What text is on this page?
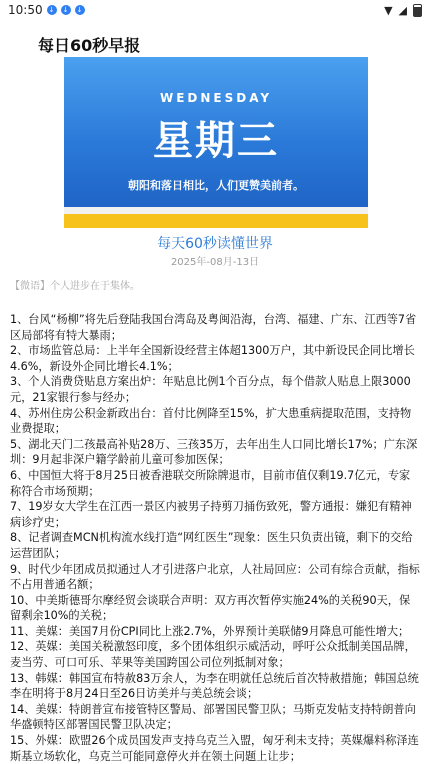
10:50 ↓ ↓ ↓	▼ ◢
每日60秒早报
WEDNESDAY
星期三
朝阳和落日相比，人们更赞美前者。
每天60秒读懂世界
2025年-08月-13日
【微语】个人进步在于集体。

1、台风“杨柳”将先后登陆我国台湾岛及粤闽沿海，台湾、福建、广东、江西等7省区局部将有特大暴雨；

2、市场监管总局：上半年全国新设经营主体超1300万户，其中新设民企同比增长4.6%，新设外企同比增长4.1%；

3、个人消费贷贴息方案出炉：年贴息比例1个百分点，每个借款人贴息上限3000元，21家银行参与经办；

4、苏州住房公积金新政出台：首付比例降至15%，扩大患重病提取范围，支持物业费提取；

5、湖北天门二孩最高补贴28万、三孩35万，去年出生人口同比增长17%；广东深圳：9月起非深户籍学龄前儿童可参加医保；

6、中国恒大将于8月25日被香港联交所除牌退市，目前市值仅剩19.7亿元，专家称符合市场预期；

7、19岁女大学生在江西一景区内被男子持剪刀捅伤致死，警方通报：嫌犯有精神病诊疗史；

8、记者调查MCN机构流水线打造“网红医生”现象：医生只负责出镜，剩下的交给运营团队；

9、时代少年团成员拟通过人才引进落户北京，人社局回应：公司有综合贡献，指标不占用普通名额；

10、中美斯德哥尔摩经贸会谈联合声明：双方再次暂停实施24%的关税90天，保留剩余10%的关税；

11、美媒：美国7月份CPI同比上涨2.7%，外界预计美联储9月降息可能性增大；

12、英媒：美国关税激怒印度，多个团体组织示威活动，呼吁公众抵制美国品牌，麦当劳、可口可乐、苹果等美国跨国公司位列抵制对象；

13、韩媒：韩国宣布特赦83万余人，为李在明就任总统后首次特赦措施；韩国总统李在明将于8月24日至26日访美并与美总统会谈；

14、美媒：特朗普宣布接管特区警局、部署国民警卫队；马斯克发帖支持特朗普向华盛顿特区部署国民警卫队决定；

15、外媒：欧盟26个成员国发声支持乌克兰入盟，匈牙利未支持；英媒爆料称泽连斯基立场软化，乌克兰可能同意停火并在领土问题上让步；
